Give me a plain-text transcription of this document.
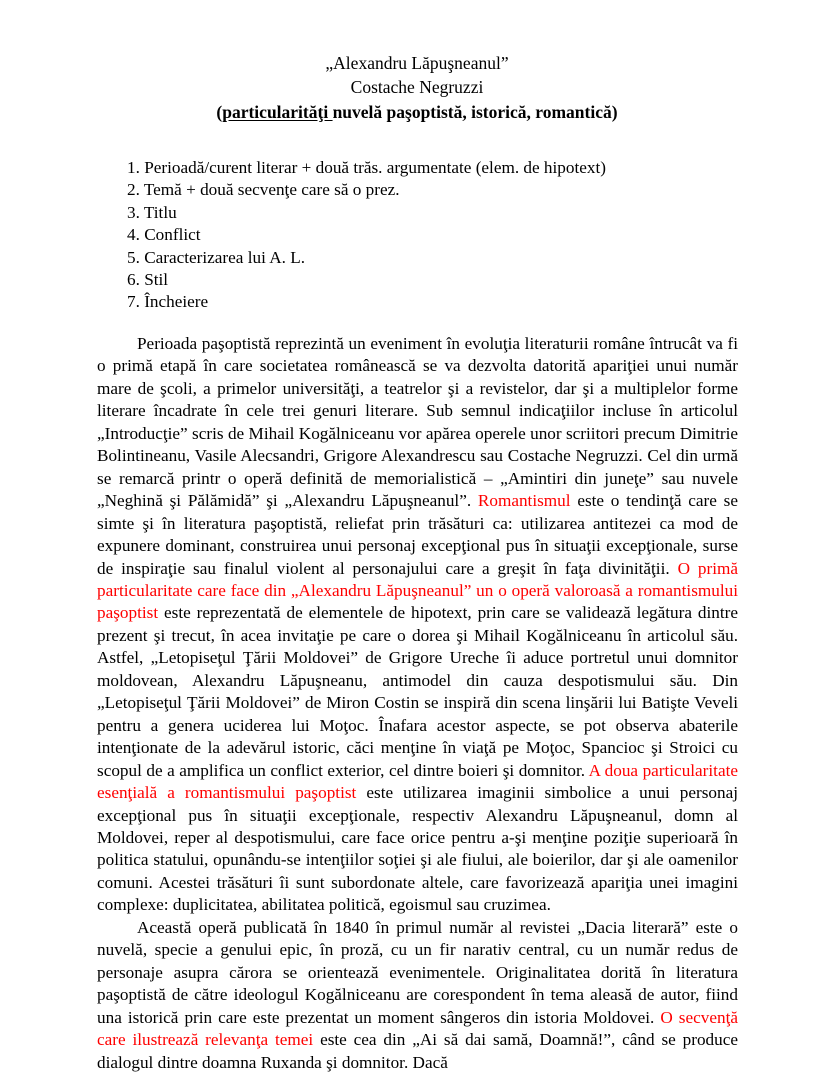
„Alexandru Lăpuşneanul”
Costache Negruzzi
(particularităţi nuvelă paşoptistă, istorică, romantică)
1. Perioadă/curent literar + două trăs. argumentate (elem. de hipotext)
2. Temă + două secvenţe care să o prez.
3. Titlu
4. Conflict
5. Caracterizarea lui A. L.
6. Stil
7. Încheiere

Perioada paşoptistă reprezintă un eveniment în evoluţia literaturii române întrucât va fi o primă etapă în care societatea românească se va dezvolta datorită apariţiei unui număr mare de şcoli, a primelor universităţi, a teatrelor şi a revistelor, dar şi a multiplelor forme literare încadrate în cele trei genuri literare. Sub semnul indicaţiilor incluse în articolul „Introducţie” scris de Mihail Kogălniceanu vor apărea operele unor scriitori precum Dimitrie Bolintineanu, Vasile Alecsandri, Grigore Alexandrescu sau Costache Negruzzi. Cel din urmă se remarcă printr o operă definită de memorialistică – „Amintiri din juneţe” sau nuvele „Neghină şi Pălămidă” şi „Alexandru Lăpuşneanul”. Romantismul este o tendinţă care se simte şi în literatura paşoptistă, reliefat prin trăsături ca: utilizarea antitezei ca mod de expunere dominant, construirea unui personaj excepţional pus în situaţii excepţionale, surse de inspiraţie sau finalul violent al personajului care a greşit în faţa divinităţii. O primă particularitate care face din „Alexandru Lăpuşneanul” un o operă valoroasă a romantismului paşoptist este reprezentată de elementele de hipotext, prin care se validează legătura dintre prezent şi trecut, în acea invitaţie pe care o dorea şi Mihail Kogălniceanu în articolul său. Astfel, „Letopiseţul Ţării Moldovei” de Grigore Ureche îi aduce portretul unui domnitor moldovean, Alexandru Lăpuşneanu, antimodel din cauza despotismului său. Din „Letopiseţul Ţării Moldovei” de Miron Costin se inspiră din scena linşării lui Batişte Veveli pentru a genera uciderea lui Moţoc. Înafara acestor aspecte, se pot observa abaterile intenţionate de la adevărul istoric, căci menţine în viaţă pe Moţoc, Spancioc şi Stroici cu scopul de a amplifica un conflict exterior, cel dintre boieri şi domnitor. A doua particularitate esenţială a romantismului paşoptist este utilizarea imaginii simbolice a unui personaj excepţional pus în situaţii excepţionale, respectiv Alexandru Lăpuşneanul, domn al Moldovei, reper al despotismului, care face orice pentru a-şi menţine poziţie superioară în politica statului, opunându-se intenţiilor soţiei şi ale fiului, ale boierilor, dar şi ale oamenilor comuni. Acestei trăsături îi sunt subordonate altele, care favorizează apariţia unei imagini complexe: duplicitatea, abilitatea politică, egoismul sau cruzimea.

Această operă publicată în 1840 în primul număr al revistei „Dacia literară” este o nuvelă, specie a genului epic, în proză, cu un fir narativ central, cu un număr redus de personaje asupra cărora se orientează evenimentele. Originalitatea dorită în literatura paşoptistă de către ideologul Kogălniceanu are corespondent în tema aleasă de autor, fiind una istorică prin care este prezentat un moment sângeros din istoria Moldovei. O secvenţă care ilustrează relevanţa temei este cea din „Ai să dai samă, Doamnă!”, când se produce dialogul dintre doamna Ruxanda şi domnitor. Dacă
